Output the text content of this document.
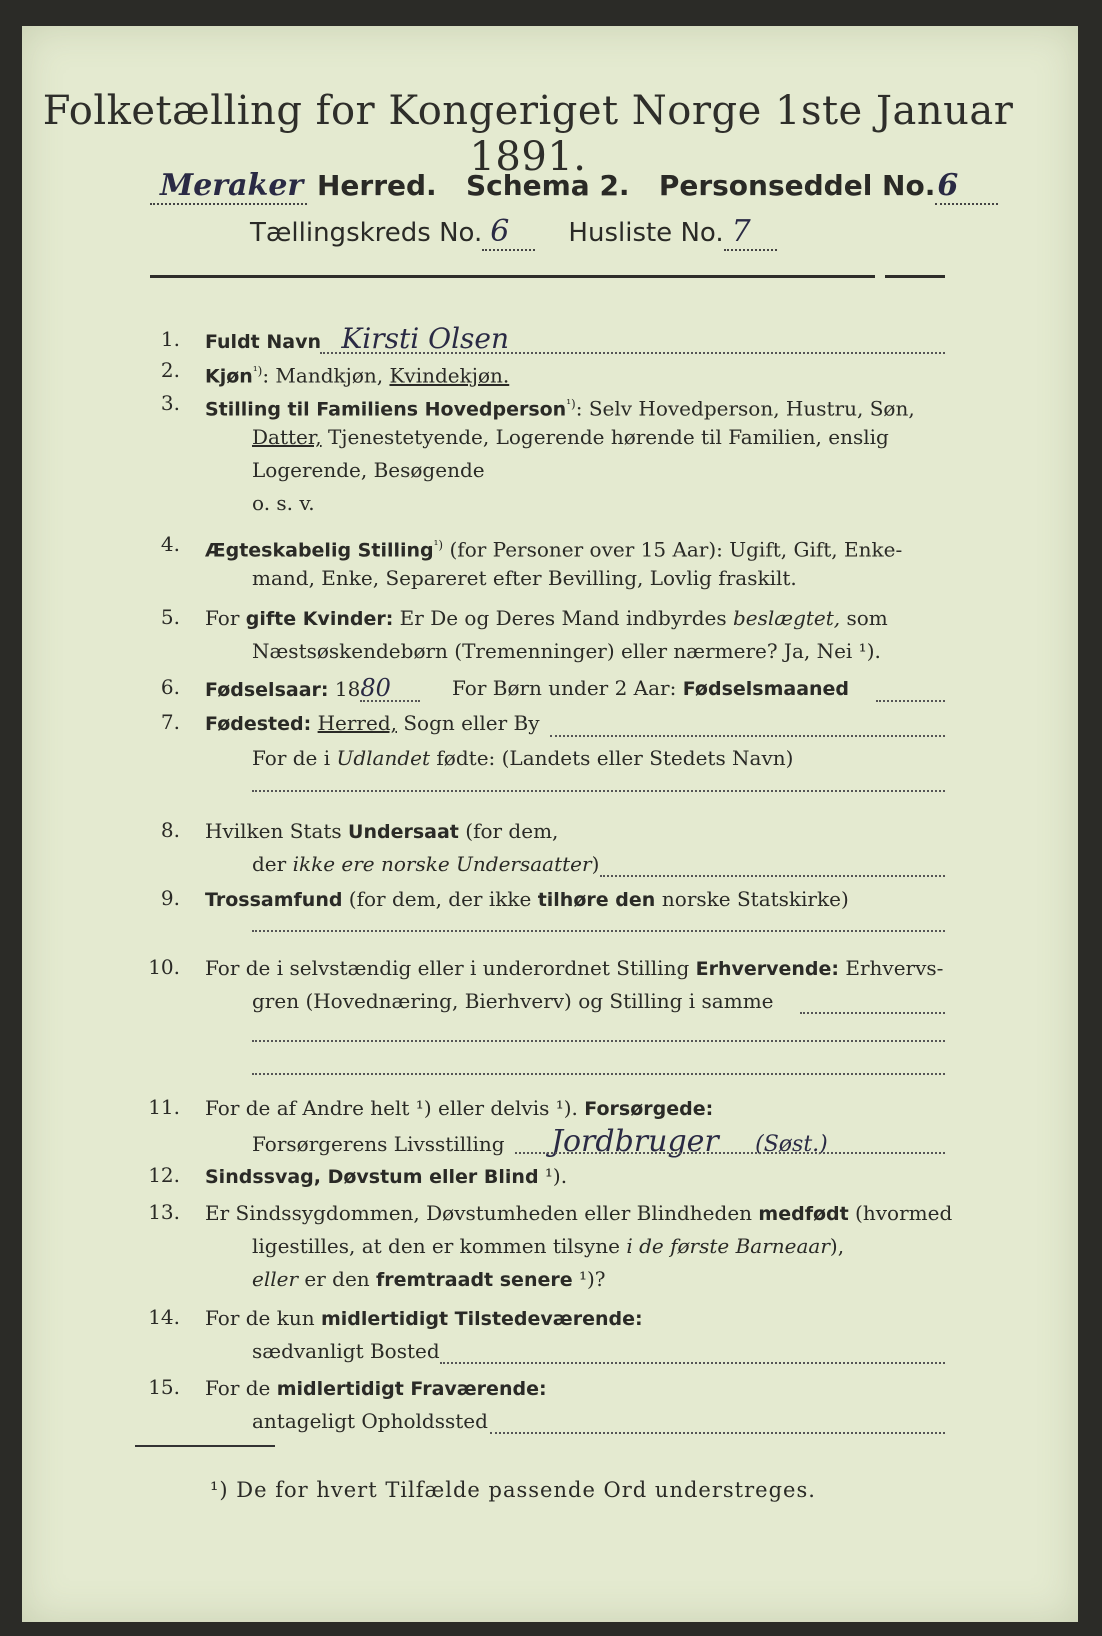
Folketælling for Kongeriget Norge 1ste Januar 1891.
Meraker Herred. Schema 2. Personseddel No.6
Tællingskreds No. 6 Husliste No. 7
1. Fuldt Navn Kirsti Olsen
2. Kjøn$^{^1)}$: Mandkjøn, Kvindekjøn.
3. Stilling til Familiens Hovedperson$^{^1)}$: Selv Hovedperson, Hustru, Søn,
Datter, Tjenestetyende, Logerende hørende til Familien, enslig
Logerende, Besøgende
o. s. v.
4. Ægteskabelig Stilling$^{^1)}$ (for Personer over 15 Aar): Ugift, Gift, Enke-
mand, Enke, Separeret efter Bevilling, Lovlig fraskilt.
5. For gifte Kvinder: Er De og Deres Mand indbyrdes beslægtet, som
Næstsøskendebørn (Tremenninger) eller nærmere? Ja, Nei ¹).
6. Fødselsaar: 1880	For Børn under 2 Aar: Fødselsmaaned
7. Fødested: Herred, Sogn eller By
For de i Udlandet fødte: (Landets eller Stedets Navn)
8. Hvilken Stats Undersaat (for dem,
der ikke ere norske Undersaatter)
9. Trossamfund (for dem, der ikke tilhøre den norske Statskirke)
10. For de i selvstændig eller i underordnet Stilling Erhvervende: Erhvervs-
gren (Hovednæring, Bierhverv) og Stilling i samme
11. For de af Andre helt ¹) eller delvis ¹). Forsørgede:
Forsørgerens Livsstilling Jordbruger (Søst.)
12. Sindssvag, Døvstum eller Blind ¹).
13. Er Sindssygdommen, Døvstumheden eller Blindheden medfødt (hvormed
ligestilles, at den er kommen tilsyne i de første Barneaar),
eller er den fremtraadt senere ¹)?
14. For de kun midlertidigt Tilstedeværende:
sædvanligt Bosted
15. For de midlertidigt Fraværende:
antageligt Opholdssted
¹) De for hvert Tilfælde passende Ord understreges.
